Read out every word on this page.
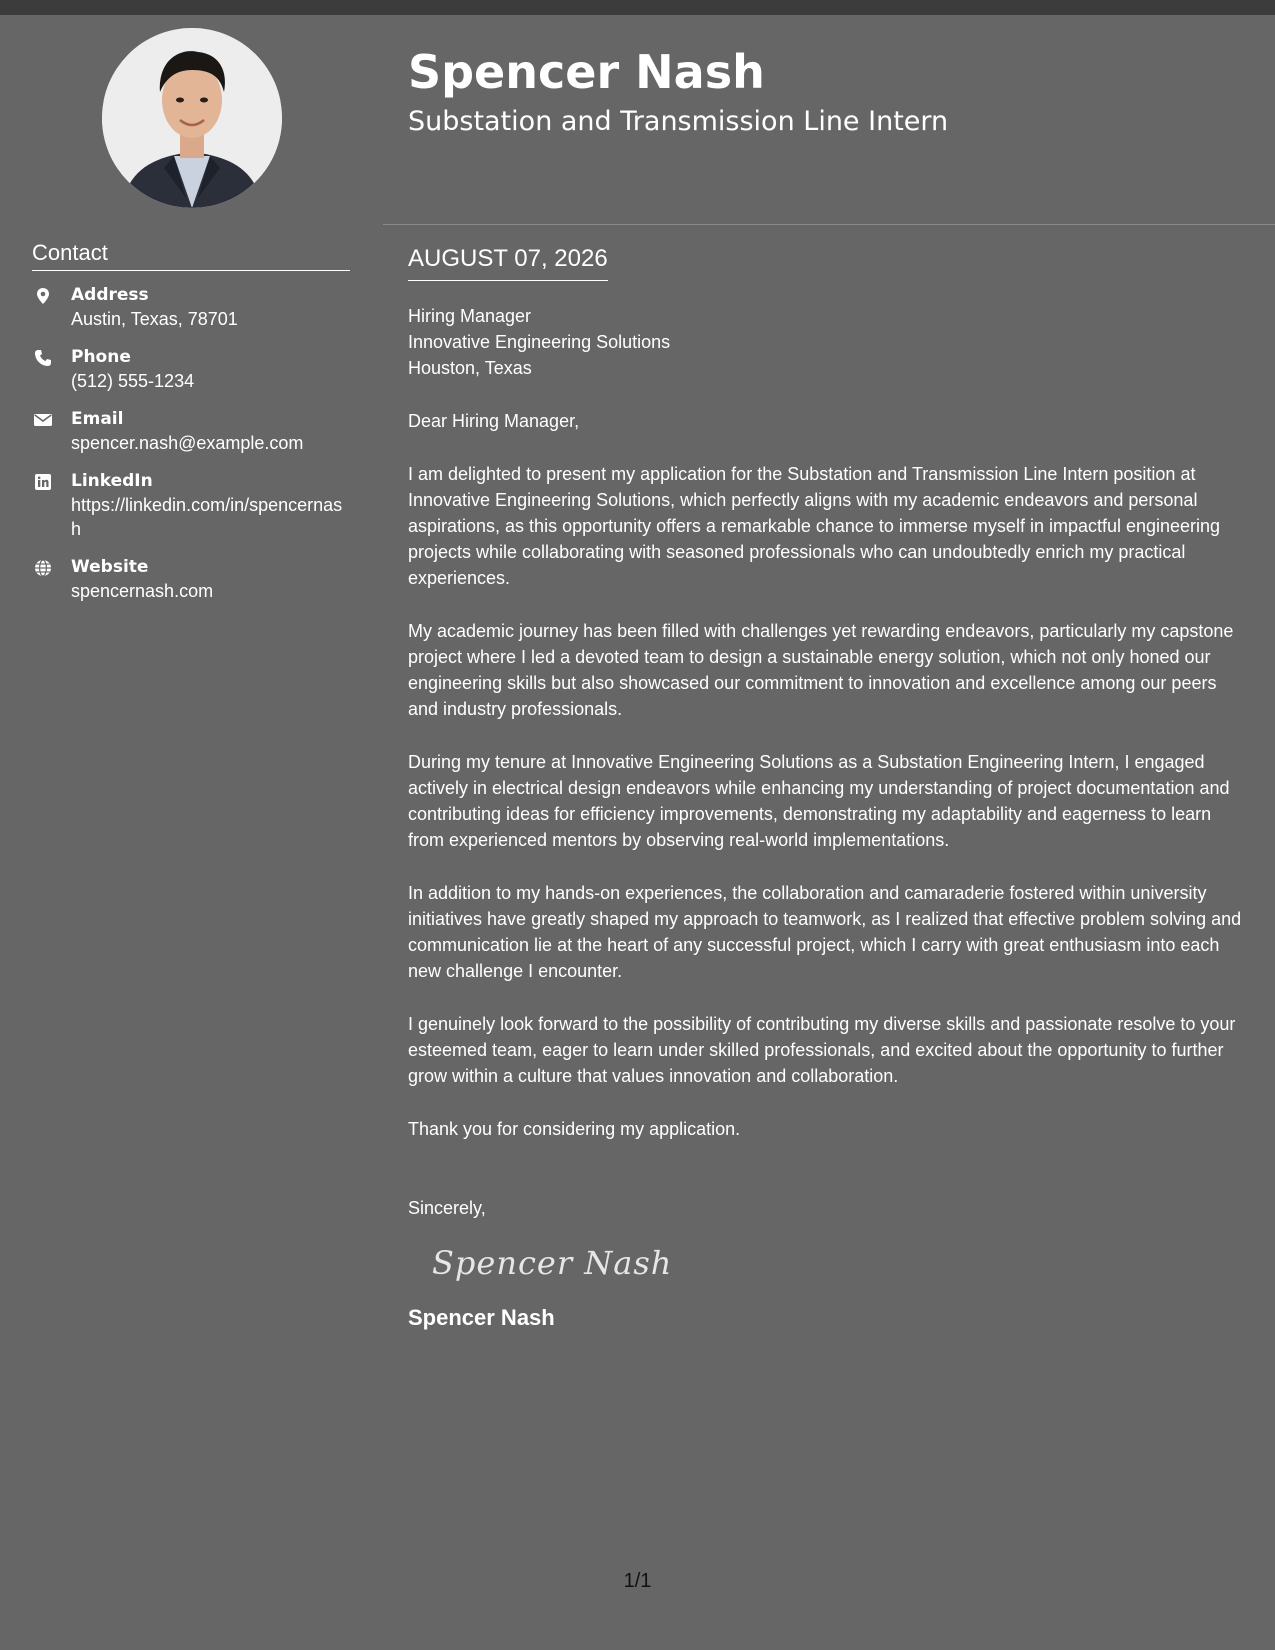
Spencer Nash
Substation and Transmission Line Intern
Contact
Address
Austin, Texas, 78701
Phone
(512) 555-1234
Email
spencer.nash@example.com
LinkedIn
https://linkedin.com/in/spencernash
Website
spencernash.com
AUGUST 07, 2026
Hiring Manager
Innovative Engineering Solutions
Houston, Texas

Dear Hiring Manager,

I am delighted to present my application for the Substation and Transmission Line Intern position at Innovative Engineering Solutions, which perfectly aligns with my academic endeavors and personal aspirations, as this opportunity offers a remarkable chance to immerse myself in impactful engineering projects while collaborating with seasoned professionals who can undoubtedly enrich my practical experiences.

My academic journey has been filled with challenges yet rewarding endeavors, particularly my capstone project where I led a devoted team to design a sustainable energy solution, which not only honed our engineering skills but also showcased our commitment to innovation and excellence among our peers and industry professionals.

During my tenure at Innovative Engineering Solutions as a Substation Engineering Intern, I engaged actively in electrical design endeavors while enhancing my understanding of project documentation and contributing ideas for efficiency improvements, demonstrating my adaptability and eagerness to learn from experienced mentors by observing real-world implementations.

In addition to my hands-on experiences, the collaboration and camaraderie fostered within university initiatives have greatly shaped my approach to teamwork, as I realized that effective problem solving and communication lie at the heart of any successful project, which I carry with great enthusiasm into each new challenge I encounter.

I genuinely look forward to the possibility of contributing my diverse skills and passionate resolve to your esteemed team, eager to learn under skilled professionals, and excited about the opportunity to further grow within a culture that values innovation and collaboration.

Thank you for considering my application.

Sincerely,

Spencer Nash
Spencer Nash
1/1
